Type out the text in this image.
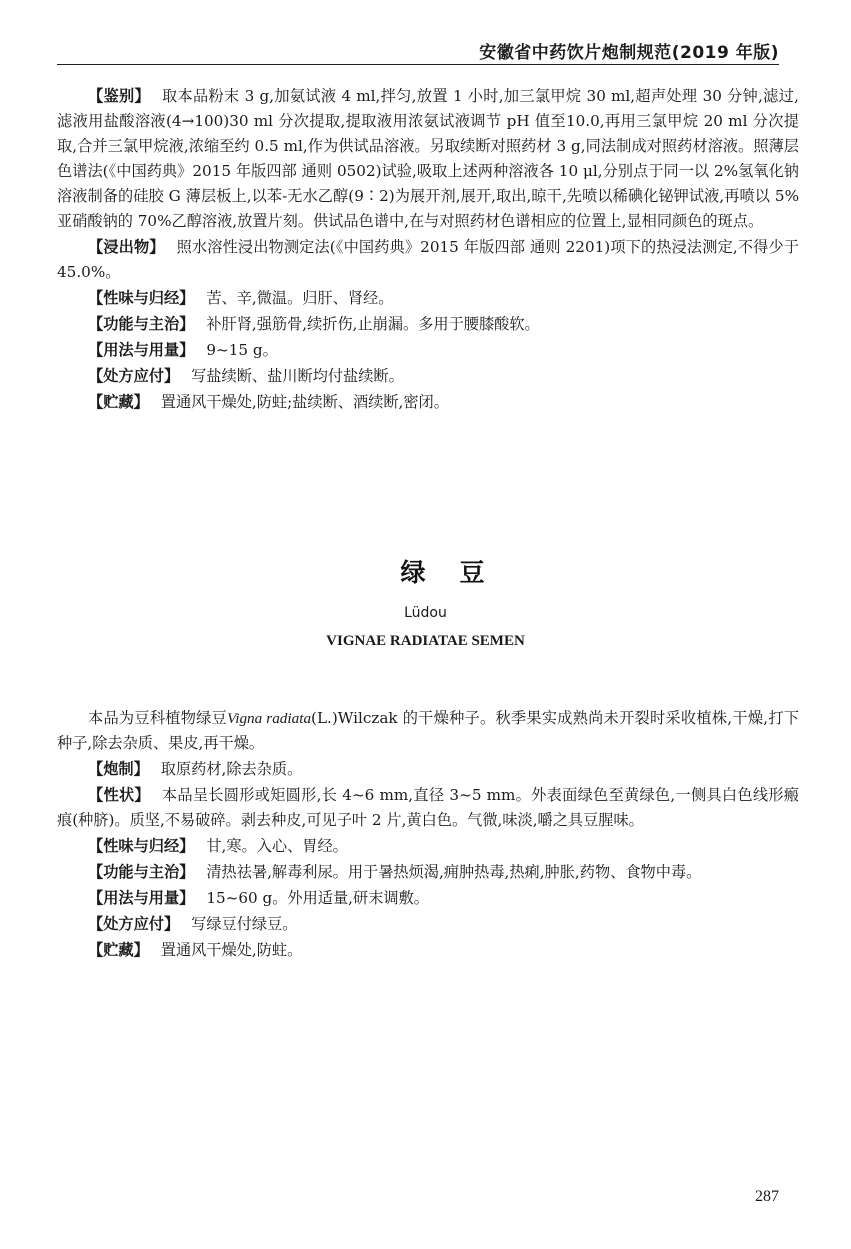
安徽省中药饮片炮制规范(2019 年版)

【鉴别】 取本品粉末 3 g,加氨试液 4 ml,拌匀,放置 1 小时,加三氯甲烷 30 ml,超声处理 30 分钟,滤过,滤液用盐酸溶液(4→100)30 ml 分次提取,提取液用浓氨试液调节 pH 值至10.0,再用三氯甲烷 20 ml 分次提取,合并三氯甲烷液,浓缩至约 0.5 ml,作为供试品溶液。另取续断对照药材 3 g,同法制成对照药材溶液。照薄层色谱法(《中国药典》2015 年版四部 通则 0502)试验,吸取上述两种溶液各 10 μl,分别点于同一以 2%氢氧化钠溶液制备的硅胶 G 薄层板上,以苯-无水乙醇(9∶2)为展开剂,展开,取出,晾干,先喷以稀碘化铋钾试液,再喷以 5%亚硝酸钠的 70%乙醇溶液,放置片刻。供试品色谱中,在与对照药材色谱相应的位置上,显相同颜色的斑点。

【浸出物】 照水溶性浸出物测定法(《中国药典》2015 年版四部 通则 2201)项下的热浸法测定,不得少于 45.0%。

【性味与归经】 苦、辛,微温。归肝、肾经。

【功能与主治】 补肝肾,强筋骨,续折伤,止崩漏。多用于腰膝酸软。

【用法与用量】 9~15 g。

【处方应付】 写盐续断、盐川断均付盐续断。

【贮藏】 置通风干燥处,防蛀;盐续断、酒续断,密闭。

绿豆
Lüdou
VIGNAE RADIATAE SEMEN

本品为豆科植物绿豆Vigna radiata(L.)Wilczak 的干燥种子。秋季果实成熟尚未开裂时采收植株,干燥,打下种子,除去杂质、果皮,再干燥。

【炮制】 取原药材,除去杂质。

【性状】 本品呈长圆形或矩圆形,长 4~6 mm,直径 3~5 mm。外表面绿色至黄绿色,一侧具白色线形瘢痕(种脐)。质坚,不易破碎。剥去种皮,可见子叶 2 片,黄白色。气微,味淡,嚼之具豆腥味。

【性味与归经】 甘,寒。入心、胃经。

【功能与主治】 清热祛暑,解毒利尿。用于暑热烦渴,痈肿热毒,热痢,肿胀,药物、食物中毒。

【用法与用量】 15~60 g。外用适量,研末调敷。

【处方应付】 写绿豆付绿豆。

【贮藏】 置通风干燥处,防蛀。

287
